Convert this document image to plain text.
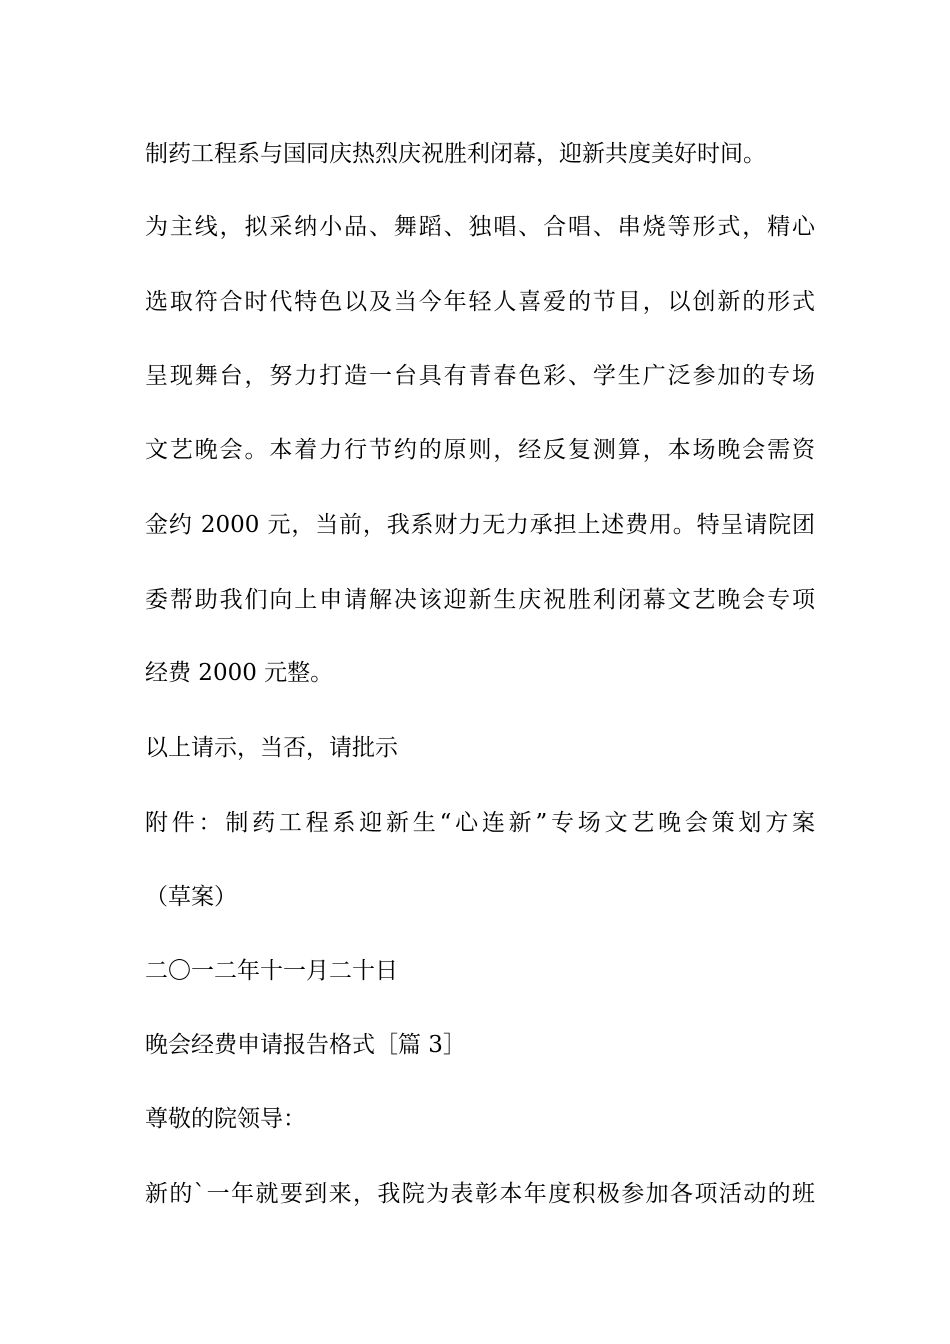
制药工程系与国同庆热烈庆祝胜利闭幕，迎新共度美好时间。
为主线，拟采纳小品、舞蹈、独唱、合唱、串烧等形式，精心
选取符合时代特色以及当今年轻人喜爱的节目，以创新的形式
呈现舞台，努力打造一台具有青春色彩、学生广泛参加的专场
文艺晚会。本着力行节约的原则，经反复测算，本场晚会需资
金约 2000 元，当前，我系财力无力承担上述费用。特呈请院团
委帮助我们向上申请解决该迎新生庆祝胜利闭幕文艺晚会专项
经费 2000 元整。
以上请示，当否，请批示
附件：制药工程系迎新生“心连新”专场文艺晚会策划方案
（草案）
二〇一二年十一月二十日
晚会经费申请报告格式［篇 3］
尊敬的院领导：
新的`一年就要到来，我院为表彰本年度积极参加各项活动的班
